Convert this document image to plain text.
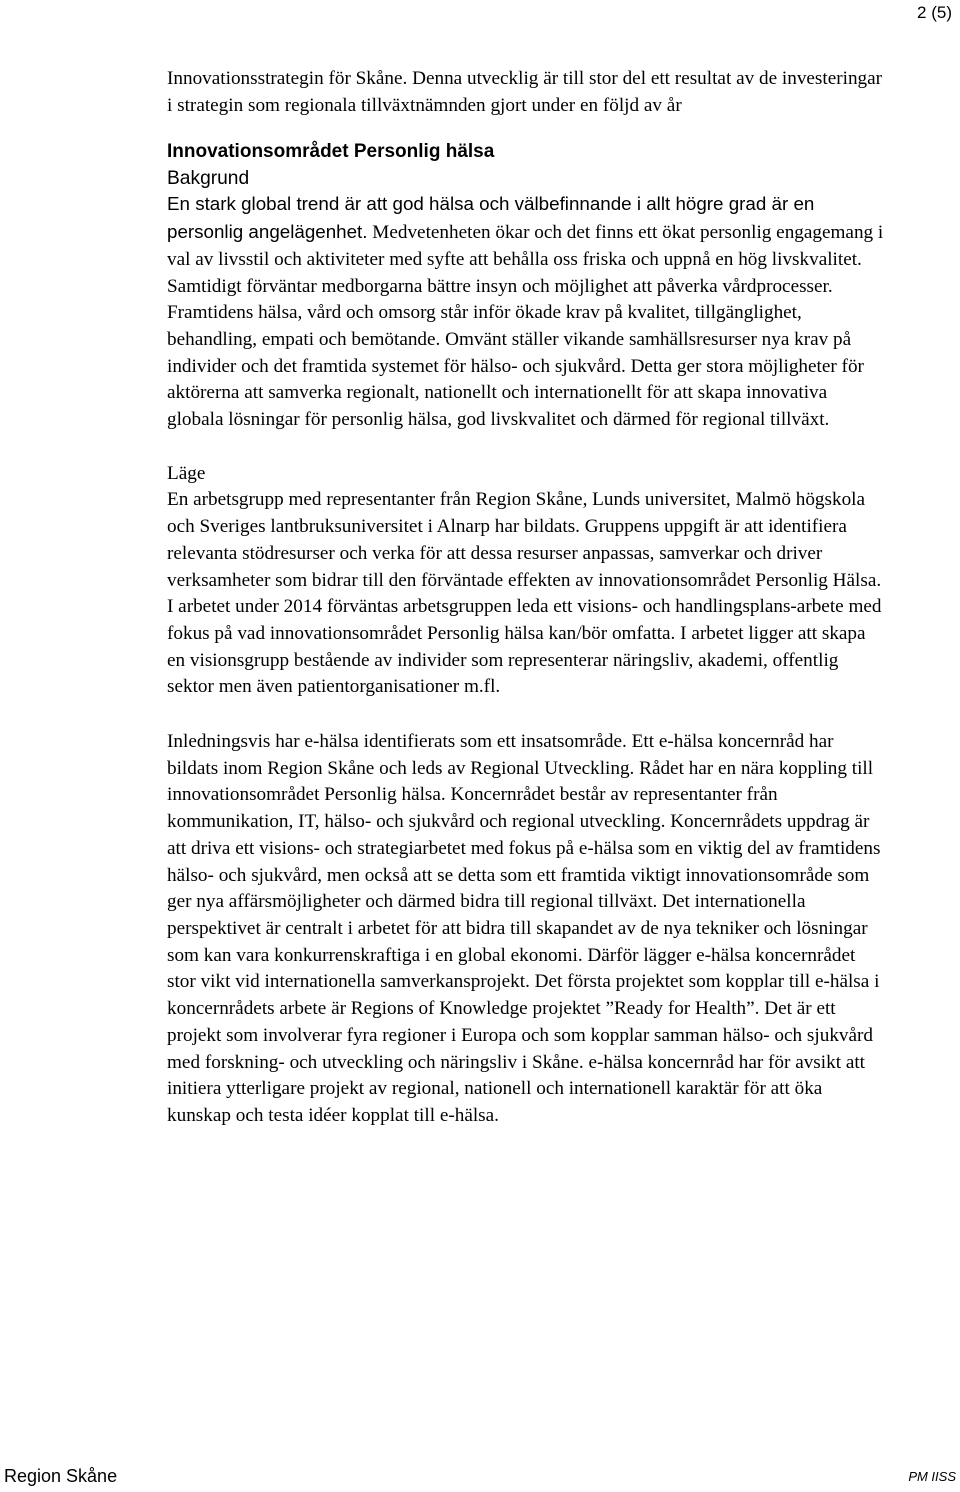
2 (5)

Innovationsstrategin för Skåne. Denna utvecklig är till stor del ett resultat av de investeringar i strategin som regionala tillväxtnämnden gjort under en följd av år

Innovationsområdet Personlig hälsa

Bakgrund

En stark global trend är att god hälsa och välbefinnande i allt högre grad är en personlig angelägenhet. Medvetenheten ökar och det finns ett ökat personlig engagemang i val av livsstil och aktiviteter med syfte att behålla oss friska och uppnå en hög livskvalitet. Samtidigt förväntar medborgarna bättre insyn och möjlighet att påverka vårdprocesser. Framtidens hälsa, vård och omsorg står inför ökade krav på kvalitet, tillgänglighet, behandling, empati och bemötande. Omvänt ställer vikande samhällsresurser nya krav på individer och det framtida systemet för hälso- och sjukvård. Detta ger stora möjligheter för aktörerna att samverka regionalt, nationellt och internationellt för att skapa innovativa globala lösningar för personlig hälsa, god livskvalitet och därmed för regional tillväxt.

Läge

En arbetsgrupp med representanter från Region Skåne, Lunds universitet, Malmö högskola och Sveriges lantbruksuniversitet i Alnarp har bildats. Gruppens uppgift är att identifiera relevanta stödresurser och verka för att dessa resurser anpassas, samverkar och driver verksamheter som bidrar till den förväntade effekten av innovationsområdet Personlig Hälsa. I arbetet under 2014 förväntas arbetsgruppen leda ett visions- och handlingsplans-arbete med fokus på vad innovationsområdet Personlig hälsa kan/bör omfatta. I arbetet ligger att skapa en visionsgrupp bestående av individer som representerar näringsliv, akademi, offentlig sektor men även patientorganisationer m.fl.

Inledningsvis har e-hälsa identifierats som ett insatsområde. Ett e-hälsa koncernråd har bildats inom Region Skåne och leds av Regional Utveckling. Rådet har en nära koppling till innovationsområdet Personlig hälsa. Koncernrådet består av representanter från kommunikation, IT, hälso- och sjukvård och regional utveckling. Koncernrådets uppdrag är att driva ett visions- och strategiarbetet med fokus på e-hälsa som en viktig del av framtidens hälso- och sjukvård, men också att se detta som ett framtida viktigt innovationsområde som ger nya affärsmöjligheter och därmed bidra till regional tillväxt. Det internationella perspektivet är centralt i arbetet för att bidra till skapandet av de nya tekniker och lösningar som kan vara konkurrenskraftiga i en global ekonomi. Därför lägger e-hälsa koncernrådet stor vikt vid internationella samverkansprojekt. Det första projektet som kopplar till e-hälsa i koncernrådets arbete är Regions of Knowledge projektet ”Ready for Health”. Det är ett projekt som involverar fyra regioner i Europa och som kopplar samman hälso- och sjukvård med forskning- och utveckling och näringsliv i Skåne. e-hälsa koncernråd har för avsikt att initiera ytterligare projekt av regional, nationell och internationell karaktär för att öka kunskap och testa idéer kopplat till e-hälsa.

Region Skåne	PM IISS
